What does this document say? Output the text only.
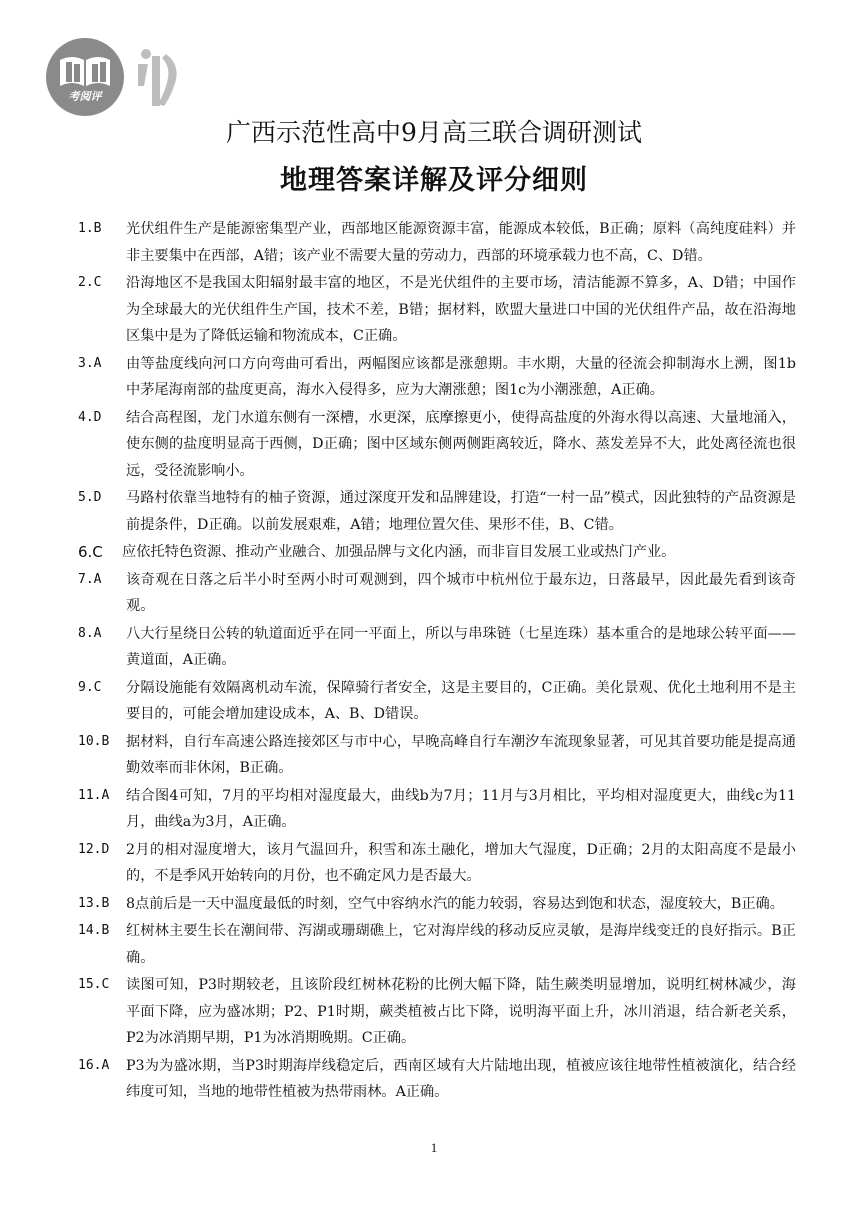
考阅评
广西示范性高中9月高三联合调研测试
地理答案详解及评分细则
1.B	光伏组件生产是能源密集型产业，西部地区能源资源丰富，能源成本较低，B正确；原料（高纯度硅料）并非主要集中在西部，A错；该产业不需要大量的劳动力，西部的环境承载力也不高，C、D错。
2.C	沿海地区不是我国太阳辐射最丰富的地区，不是光伏组件的主要市场，清洁能源不算多，A、D错；中国作为全球最大的光伏组件生产国，技术不差，B错；据材料，欧盟大量进口中国的光伏组件产品，故在沿海地区集中是为了降低运输和物流成本，C正确。
3.A	由等盐度线向河口方向弯曲可看出，两幅图应该都是涨憩期。丰水期，大量的径流会抑制海水上溯，图1b中茅尾海南部的盐度更高，海水入侵得多，应为大潮涨憩；图1c为小潮涨憩，A正确。
4.D	结合高程图，龙门水道东侧有一深槽，水更深，底摩擦更小，使得高盐度的外海水得以高速、大量地涌入，使东侧的盐度明显高于西侧，D正确；图中区域东侧两侧距离较近，降水、蒸发差异不大，此处离径流也很远，受径流影响小。
5.D	马路村依靠当地特有的柚子资源，通过深度开发和品牌建设，打造“一村一品”模式，因此独特的产品资源是前提条件，D正确。以前发展艰难，A错；地理位置欠佳、果形不佳，B、C错。
6.C	应依托特色资源、推动产业融合、加强品牌与文化内涵，而非盲目发展工业或热门产业。
7.A	该奇观在日落之后半小时至两小时可观测到，四个城市中杭州位于最东边，日落最早，因此最先看到该奇观。
8.A	八大行星绕日公转的轨道面近乎在同一平面上，所以与串珠链（七星连珠）基本重合的是地球公转平面——黄道面，A正确。
9.C	分隔设施能有效隔离机动车流，保障骑行者安全，这是主要目的，C正确。美化景观、优化土地利用不是主要目的，可能会增加建设成本，A、B、D错误。
10.B	据材料，自行车高速公路连接郊区与市中心，早晚高峰自行车潮汐车流现象显著，可见其首要功能是提高通勤效率而非休闲，B正确。
11.A	结合图4可知，7月的平均相对湿度最大，曲线b为7月；11月与3月相比，平均相对湿度更大，曲线c为11月，曲线a为3月，A正确。
12.D	2月的相对湿度增大，该月气温回升，积雪和冻土融化，增加大气湿度，D正确；2月的太阳高度不是最小的，不是季风开始转向的月份，也不确定风力是否最大。
13.B	8点前后是一天中温度最低的时刻，空气中容纳水汽的能力较弱，容易达到饱和状态，湿度较大，B正确。
14.B	红树林主要生长在潮间带、泻湖或珊瑚礁上，它对海岸线的移动反应灵敏，是海岸线变迁的良好指示。B正确。
15.C	读图可知，P3时期较老，且该阶段红树林花粉的比例大幅下降，陆生蕨类明显增加，说明红树林减少，海平面下降，应为盛冰期；P2、P1时期，蕨类植被占比下降，说明海平面上升，冰川消退，结合新老关系，P2为冰消期早期，P1为冰消期晚期。C正确。
16.A	P3为为盛冰期，当P3时期海岸线稳定后，西南区域有大片陆地出现，植被应该往地带性植被演化，结合经纬度可知，当地的地带性植被为热带雨林。A正确。
1
